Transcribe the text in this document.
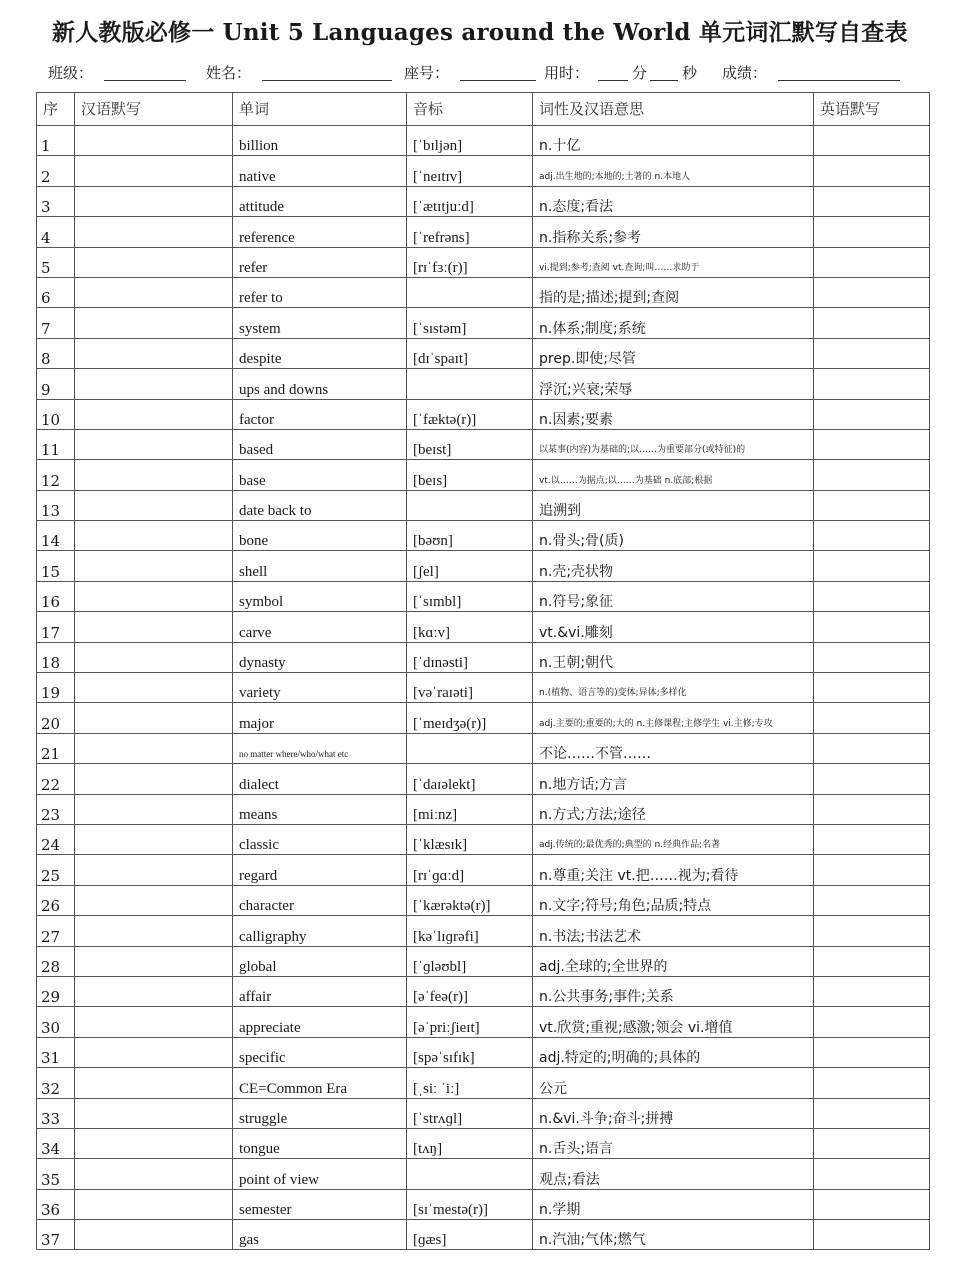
新人教版必修一 Unit 5 Languages around the World 单元词汇默写自查表
班级：	姓名：	座号：	用时：	分 秒 成绩：
序	汉语默写	单词	音标	词性及汉语意思	英语默写
1		billion	[ˈbɪljən]	n.十亿	
2		native	[ˈneɪtɪv]	adj.出生地的;本地的;土著的 n.本地人	
3		attitude	[ˈætɪtjuːd]	n.态度;看法	
4		reference	[ˈrefrəns]	n.指称关系;参考	
5		refer	[rɪˈfɜː(r)]	vi.提到;参考;查阅 vt.查询;叫……求助于	
6		refer to		指的是;描述;提到;查阅	
7		system	[ˈsɪstəm]	n.体系;制度;系统	
8		despite	[dɪˈspaɪt]	prep.即使;尽管	
9		ups and downs		浮沉;兴衰;荣辱	
10		factor	[ˈfæktə(r)]	n.因素;要素	
11		based	[beɪst]	以某事(内容)为基础的;以……为重要部分(或特征)的	
12		base	[beɪs]	vt.以……为据点;以……为基础 n.底部;根据	
13		date back to		追溯到	
14		bone	[bəʊn]	n.骨头;骨(质)	
15		shell	[ʃel]	n.壳;壳状物	
16		symbol	[ˈsɪmbl]	n.符号;象征	
17		carve	[kɑːv]	vt.&vi.雕刻	
18		dynasty	[ˈdɪnəsti]	n.王朝;朝代	
19		variety	[vəˈraɪəti]	n.(植物、语言等的)变体;异体;多样化	
20		major	[ˈmeɪdʒə(r)]	adj.主要的;重要的;大的 n.主修课程;主修学生 vi.主修;专攻	
21		no matter where/who/what etc		不论……不管……	
22		dialect	[ˈdaɪəlekt]	n.地方话;方言	
23		means	[miːnz]	n.方式;方法;途径	
24		classic	[ˈklæsɪk]	adj.传统的;最优秀的;典型的 n.经典作品;名著	
25		regard	[rɪˈɡɑːd]	n.尊重;关注 vt.把……视为;看待	
26		character	[ˈkærəktə(r)]	n.文字;符号;角色;品质;特点	
27		calligraphy	[kəˈlɪɡrəfi]	n.书法;书法艺术	
28		global	[ˈɡləʊbl]	adj.全球的;全世界的	
29		affair	[əˈfeə(r)]	n.公共事务;事件;关系	
30		appreciate	[əˈpriːʃieɪt]	vt.欣赏;重视;感激;领会 vi.增值	
31		specific	[spəˈsɪfɪk]	adj.特定的;明确的;具体的	
32		CE=Common Era	[ˌsiː ˈiː]	公元	
33		struggle	[ˈstrʌɡl]	n.&vi.斗争;奋斗;拼搏	
34		tongue	[tʌŋ]	n.舌头;语言	
35		point of view		观点;看法	
36		semester	[sɪˈmestə(r)]	n.学期	
37		gas	[ɡæs]	n.汽油;气体;燃气	
